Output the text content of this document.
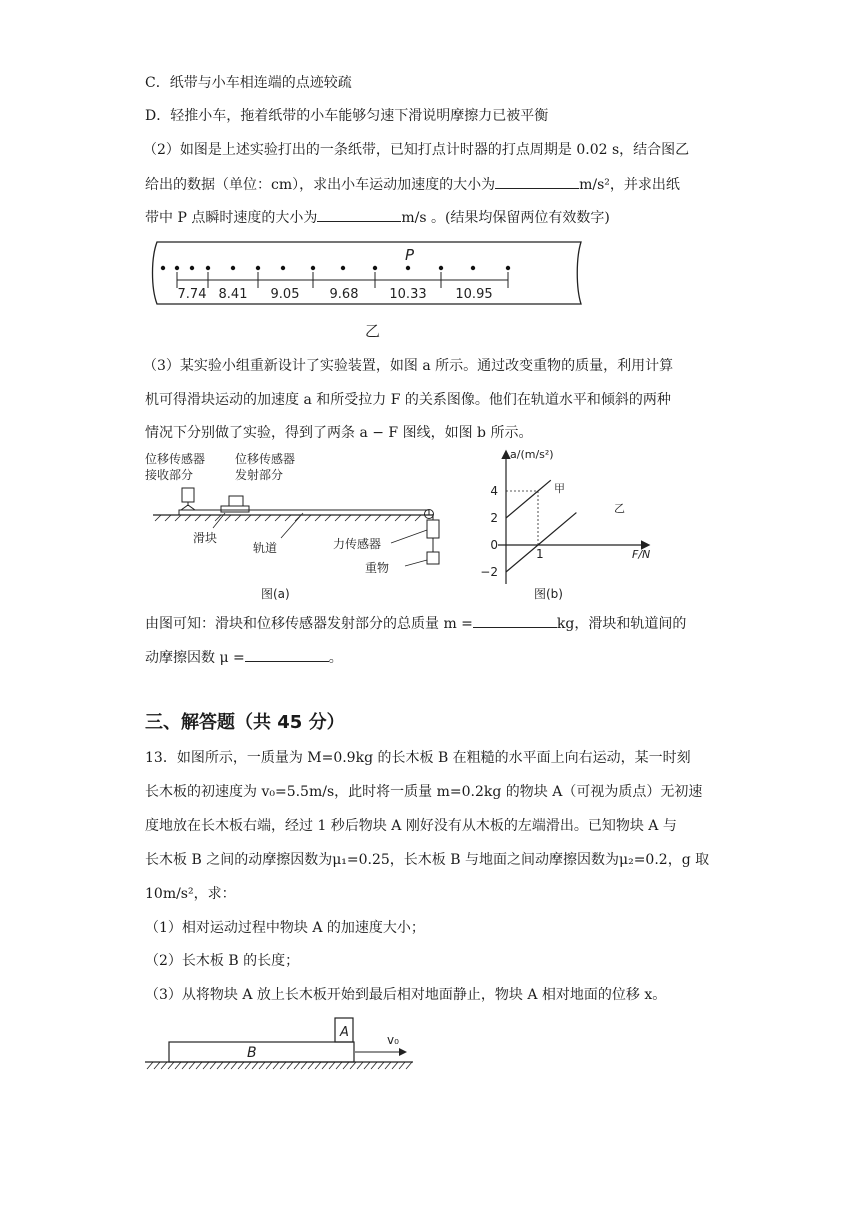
C．纸带与小车相连端的点迹较疏
D．轻推小车，拖着纸带的小车能够匀速下滑说明摩擦力已被平衡
（2）如图是上述实验打出的一条纸带，已知打点计时器的打点周期是 0.02 s，结合图乙
给出的数据（单位：cm），求出小车运动加速度的大小为	m/s²，并求出纸
带中 P 点瞬时速度的大小为	m/s 。(结果均保留两位有效数字)
P
7.74 8.41 9.05 9.68 10.33 10.95
乙
（3）某实验小组重新设计了实验装置，如图 a 所示。通过改变重物的质量，利用计算
机可得滑块运动的加速度 a 和所受拉力 F 的关系图像。他们在轨道水平和倾斜的两种
情况下分别做了实验，得到了两条 a − F 图线，如图 b 所示。
位移传感器
接收部分
位移传感器
发射部分
滑块
轨道	力传感器
重物
图(a)
a/(m/s²)
F/N
4
2
0
−2
1
甲
乙
图(b)
由图可知：滑块和位移传感器发射部分的总质量 m =	kg，滑块和轨道间的
动摩擦因数 μ =	。
三、解答题（共 45 分）
13．如图所示，一质量为 M=0.9kg 的长木板 B 在粗糙的水平面上向右运动，某一时刻
长木板的初速度为 v₀=5.5m/s，此时将一质量 m=0.2kg 的物块 A（可视为质点）无初速
度地放在长木板右端，经过 1 秒后物块 A 刚好没有从木板的左端滑出。已知物块 A 与
长木板 B 之间的动摩擦因数为μ₁=0.25，长木板 B 与地面之间动摩擦因数为μ₂=0.2，g 取
10m/s²，求：
（1）相对运动过程中物块 A 的加速度大小；
（2）长木板 B 的长度；
（3）从将物块 A 放上长木板开始到最后相对地面静止，物块 A 相对地面的位移 x。
A
B
v₀
